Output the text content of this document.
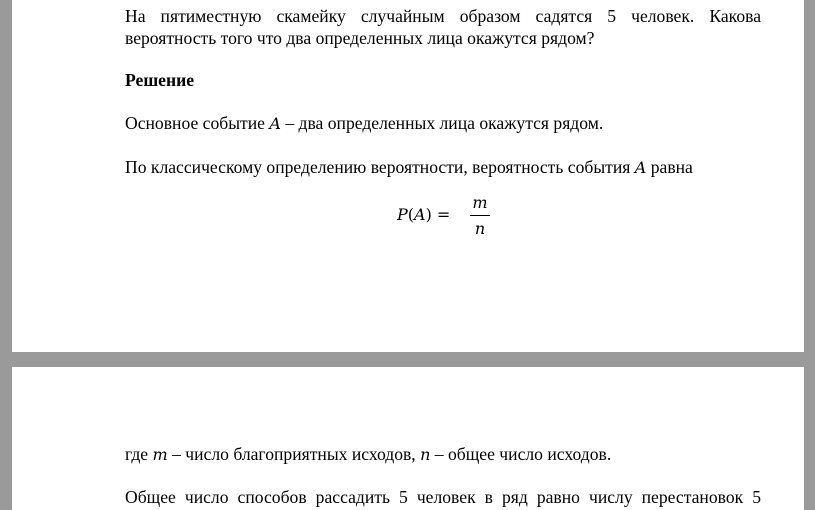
На пятиместную скамейку случайным образом садятся 5 человек. Какова
вероятность того что два определенных лица окажутся рядом?
Решение
Основное событие A – два определенных лица окажутся рядом.
По классическому определению вероятности, вероятность события A равна
P(A) =
m
n
где m – число благоприятных исходов, n – общее число исходов.
Общее число способов рассадить 5 человек в ряд равно числу перестановок 5
